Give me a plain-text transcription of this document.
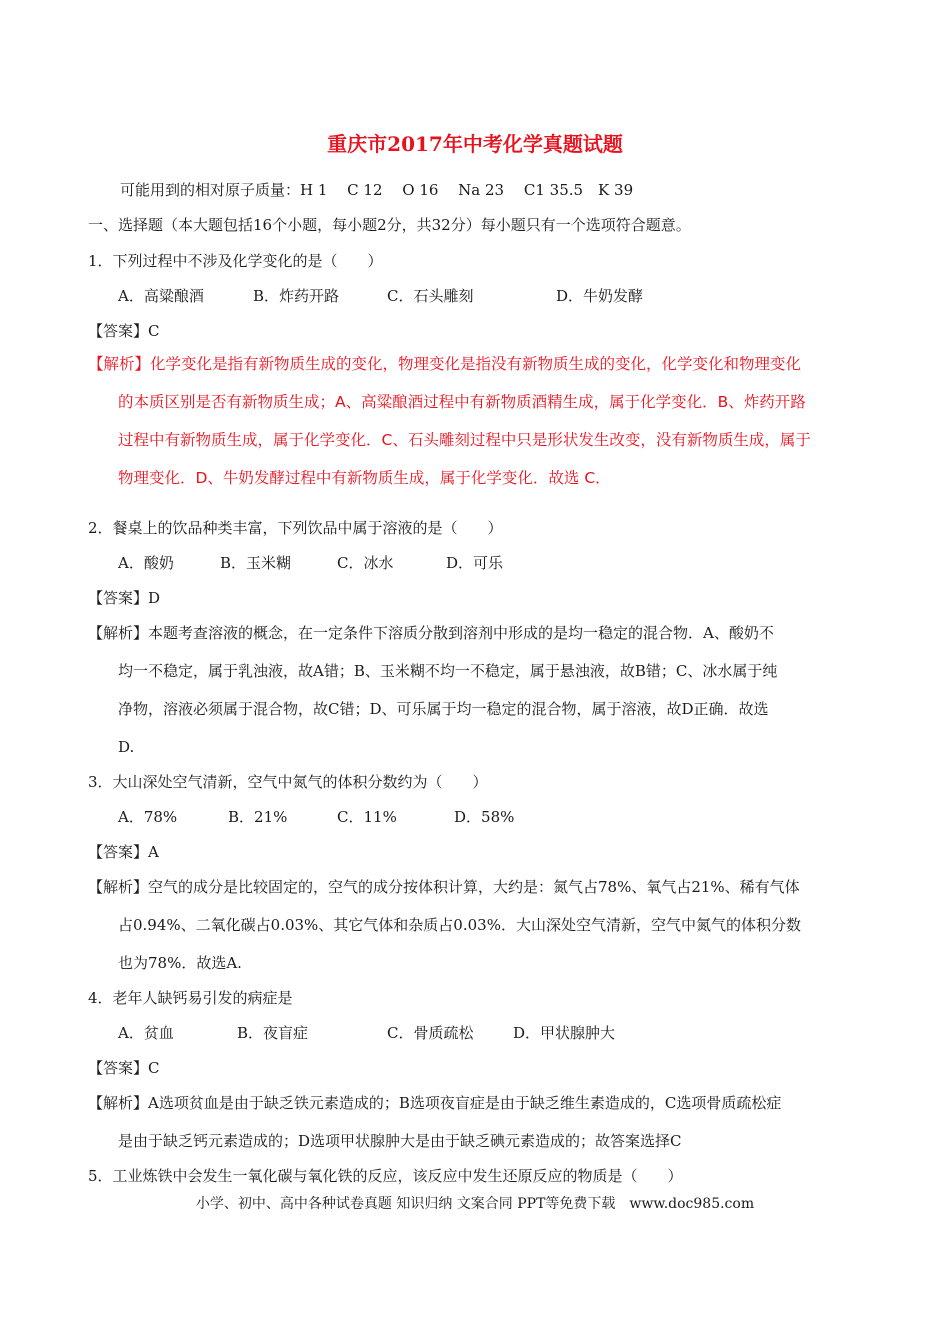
重庆市2017年中考化学真题试题
可能用到的相对原子质量：H 1　 C 12　 O 16　 Na 23　 C1 35.5　K 39
一、选择题（本大题包括16个小题，每小题2分，共32分）每小题只有一个选项符合题意。
1．下列过程中不涉及化学变化的是（　　）
A．高粱酿酒	B．炸药开路	C．石头雕刻	D．牛奶发酵
【答案】C
【解析】化学变化是指有新物质生成的变化，物理变化是指没有新物质生成的变化，化学变化和物理变化
的本质区别是否有新物质生成；A、高粱酿酒过程中有新物质酒精生成，属于化学变化．B、炸药开路
过程中有新物质生成，属于化学变化．C、石头雕刻过程中只是形状发生改变，没有新物质生成，属于
物理变化．D、牛奶发酵过程中有新物质生成，属于化学变化．故选 C．
2．餐桌上的饮品种类丰富，下列饮品中属于溶液的是（　　）
A．酸奶	B．玉米糊	C．冰水	D．可乐
【答案】D
【解析】本题考查溶液的概念，在一定条件下溶质分散到溶剂中形成的是均一稳定的混合物．A、酸奶不
均一不稳定，属于乳浊液，故A错；B、玉米糊不均一不稳定，属于悬浊液，故B错；C、冰水属于纯
净物，溶液必须属于混合物，故C错；D、可乐属于均一稳定的混合物，属于溶液，故D正确．故选
D.
3．大山深处空气清新，空气中氮气的体积分数约为（　　）
A．78%	B．21%	C．11%	D．58%
【答案】A
【解析】空气的成分是比较固定的，空气的成分按体积计算，大约是：氮气占78%、氧气占21%、稀有气体
占0.94%、二氧化碳占0.03%、其它气体和杂质占0.03%．大山深处空气清新，空气中氮气的体积分数
也为78%．故选A.
4．老年人缺钙易引发的病症是
A．贫血	B．夜盲症	C．骨质疏松	D．甲状腺肿大
【答案】C
【解析】A选项贫血是由于缺乏铁元素造成的；B选项夜盲症是由于缺乏维生素造成的，C选项骨质疏松症
是由于缺乏钙元素造成的；D选项甲状腺肿大是由于缺乏碘元素造成的；故答案选择C
5．工业炼铁中会发生一氧化碳与氧化铁的反应，该反应中发生还原反应的物质是（　　）
小学、初中、高中各种试卷真题 知识归纳 文案合同 PPT等免费下载　www.doc985.com
